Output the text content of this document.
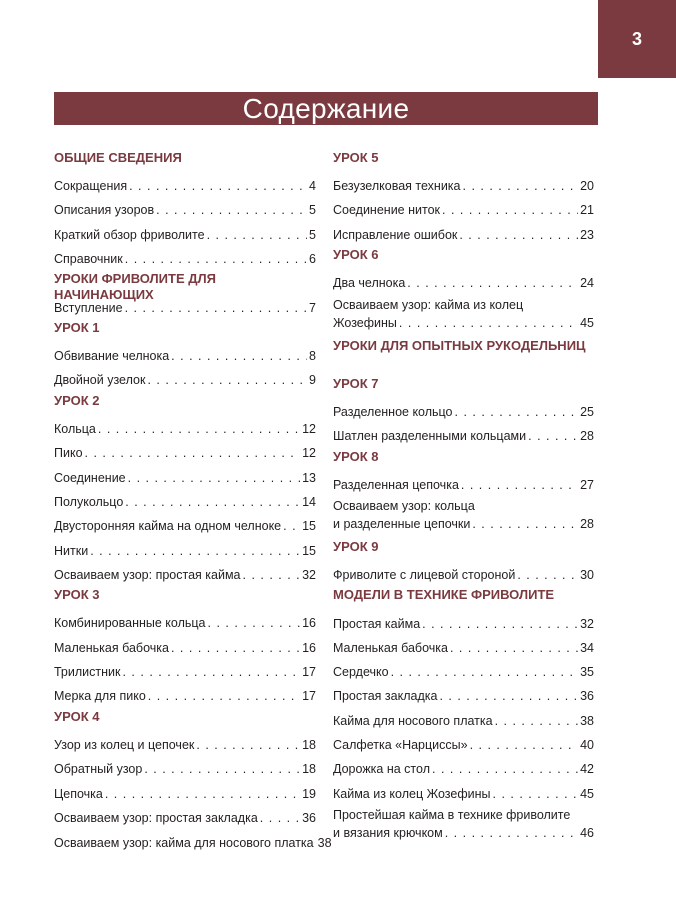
3
Содержание
ОБЩИЕ СВЕДЕНИЯ
Сокращения . . .	4
Описания узоров . . .	5
Краткий обзор фриволите . . .	5
Справочник . . .	6
УРОКИ ФРИВОЛИТЕ ДЛЯ НАЧИНАЮЩИХ
Вступление . . .	7
УРОК 1
Обвивание челнока . . .	8
Двойной узелок . . .	9
УРОК 2
Кольца . . .	12
Пико . . .	12
Соединение . . .	13
Полукольцо . . .	14
Двусторонняя кайма на одном челноке . . . 15
Нитки . . .	15
Осваиваем узор: простая кайма . . .	32
УРОК 3
Комбинированные кольца . . .	16
Маленькая бабочка . . .	16
Трилистник . . .	17
Мерка для пико . . .	17
УРОК 4
Узор из колец и цепочек . . .	18
Обратный узор . . .	18
Цепочка . . .	19
Осваиваем узор: простая закладка . . .	36
Осваиваем узор: кайма для носового платка 38
УРОК 5
Безузелковая техника . . .	20
Соединение ниток . . .	21
Исправление ошибок . . .	23
УРОК 6
Два челнока . . .	24
Осваиваем узор: кайма из колец
Жозефины . . .	45
УРОКИ ДЛЯ ОПЫТНЫХ РУКОДЕЛЬНИЦ
УРОК 7
Разделенное кольцо . . .	25
Шатлен разделенными кольцами . . .	28
УРОК 8
Разделенная цепочка . . .	27
Осваиваем узор: кольца
и разделенные цепочки . . .	28
УРОК 9
Фриволите с лицевой стороной . . .	30
МОДЕЛИ В ТЕХНИКЕ ФРИВОЛИТЕ
Простая кайма . . .	32
Маленькая бабочка . . .	34
Сердечко . . .	35
Простая закладка . . .	36
Кайма для носового платка . . .	38
Салфетка «Нарциссы» . . .	40
Дорожка на стол . . .	42
Кайма из колец Жозефины . . .	45
Простейшая кайма в технике фриволите
и вязания крючком . . .	46
